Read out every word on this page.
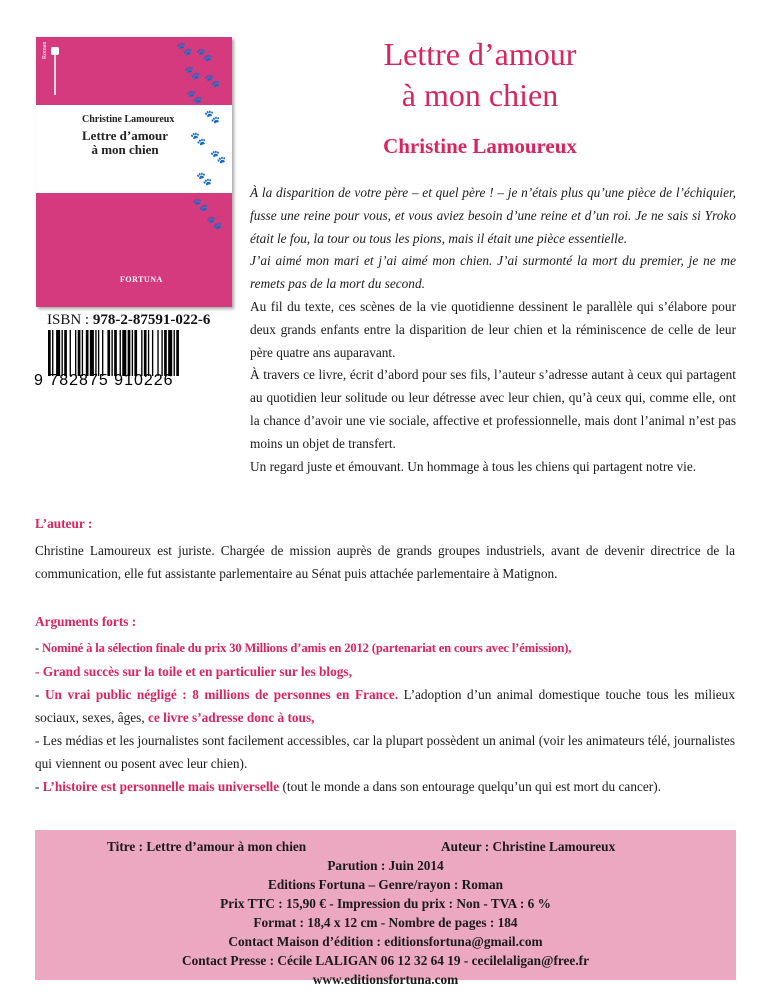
🐾 🐾
🐾
🐾
🐾
🐾
🐾
🐾
🐾
Christine Lamoureux
Lettre d’amour
à mon chien
🐾
🐾
FORTUNA
Roman
ISBN : 978-2-87591-022-6
9 782875 910226
Lettre d’amour
à mon chien
Christine Lamoureux

À la disparition de votre père – et quel père ! – je n’étais plus qu’une pièce de l’échiquier, fusse une reine pour vous, et vous aviez besoin d’une reine et d’un roi. Je ne sais si Yroko était le fou, la tour ou tous les pions, mais il était une pièce essentielle.

J’ai aimé mon mari et j’ai aimé mon chien. J’ai surmonté la mort du premier, je ne me remets pas de la mort du second.

Au fil du texte, ces scènes de la vie quotidienne dessinent le parallèle qui s’élabore pour deux grands enfants entre la disparition de leur chien et la réminiscence de celle de leur père quatre ans auparavant.

À travers ce livre, écrit d’abord pour ses fils, l’auteur s’adresse autant à ceux qui partagent au quotidien leur solitude ou leur détresse avec leur chien, qu’à ceux qui, comme elle, ont la chance d’avoir une vie sociale, affective et professionnelle, mais dont l’animal n’est pas moins un objet de transfert.

Un regard juste et émouvant. Un hommage à tous les chiens qui partagent notre vie.

L’auteur :

Christine Lamoureux est juriste. Chargée de mission auprès de grands groupes industriels, avant de devenir directrice de la communication, elle fut assistante parlementaire au Sénat puis attachée parlementaire à Matignon.

Arguments forts :

- Nominé à la sélection finale du prix 30 Millions d’amis en 2012 (partenariat en cours avec l’émission),

- Grand succès sur la toile et en particulier sur les blogs,

- Un vrai public négligé : 8 millions de personnes en France. L’adoption d’un animal domestique touche tous les milieux sociaux, sexes, âges, ce livre s’adresse donc à tous,

- Les médias et les journalistes sont facilement accessibles, car la plupart possèdent un animal (voir les animateurs télé, journalistes qui viennent ou posent avec leur chien).

- L’histoire est personnelle mais universelle (tout le monde a dans son entourage quelqu’un qui est mort du cancer).

Titre : Lettre d’amour à mon chien	Auteur : Christine Lamoureux
Parution : Juin 2014
Editions Fortuna – Genre/rayon : Roman
Prix TTC : 15,90 € - Impression du prix : Non - TVA : 6 %
Format : 18,4 x 12 cm - Nombre de pages : 184
Contact Maison d’édition : editionsfortuna@gmail.com
Contact Presse : Cécile LALIGAN 06 12 32 64 19 - cecilelaligan@free.fr
www.editionsfortuna.com
